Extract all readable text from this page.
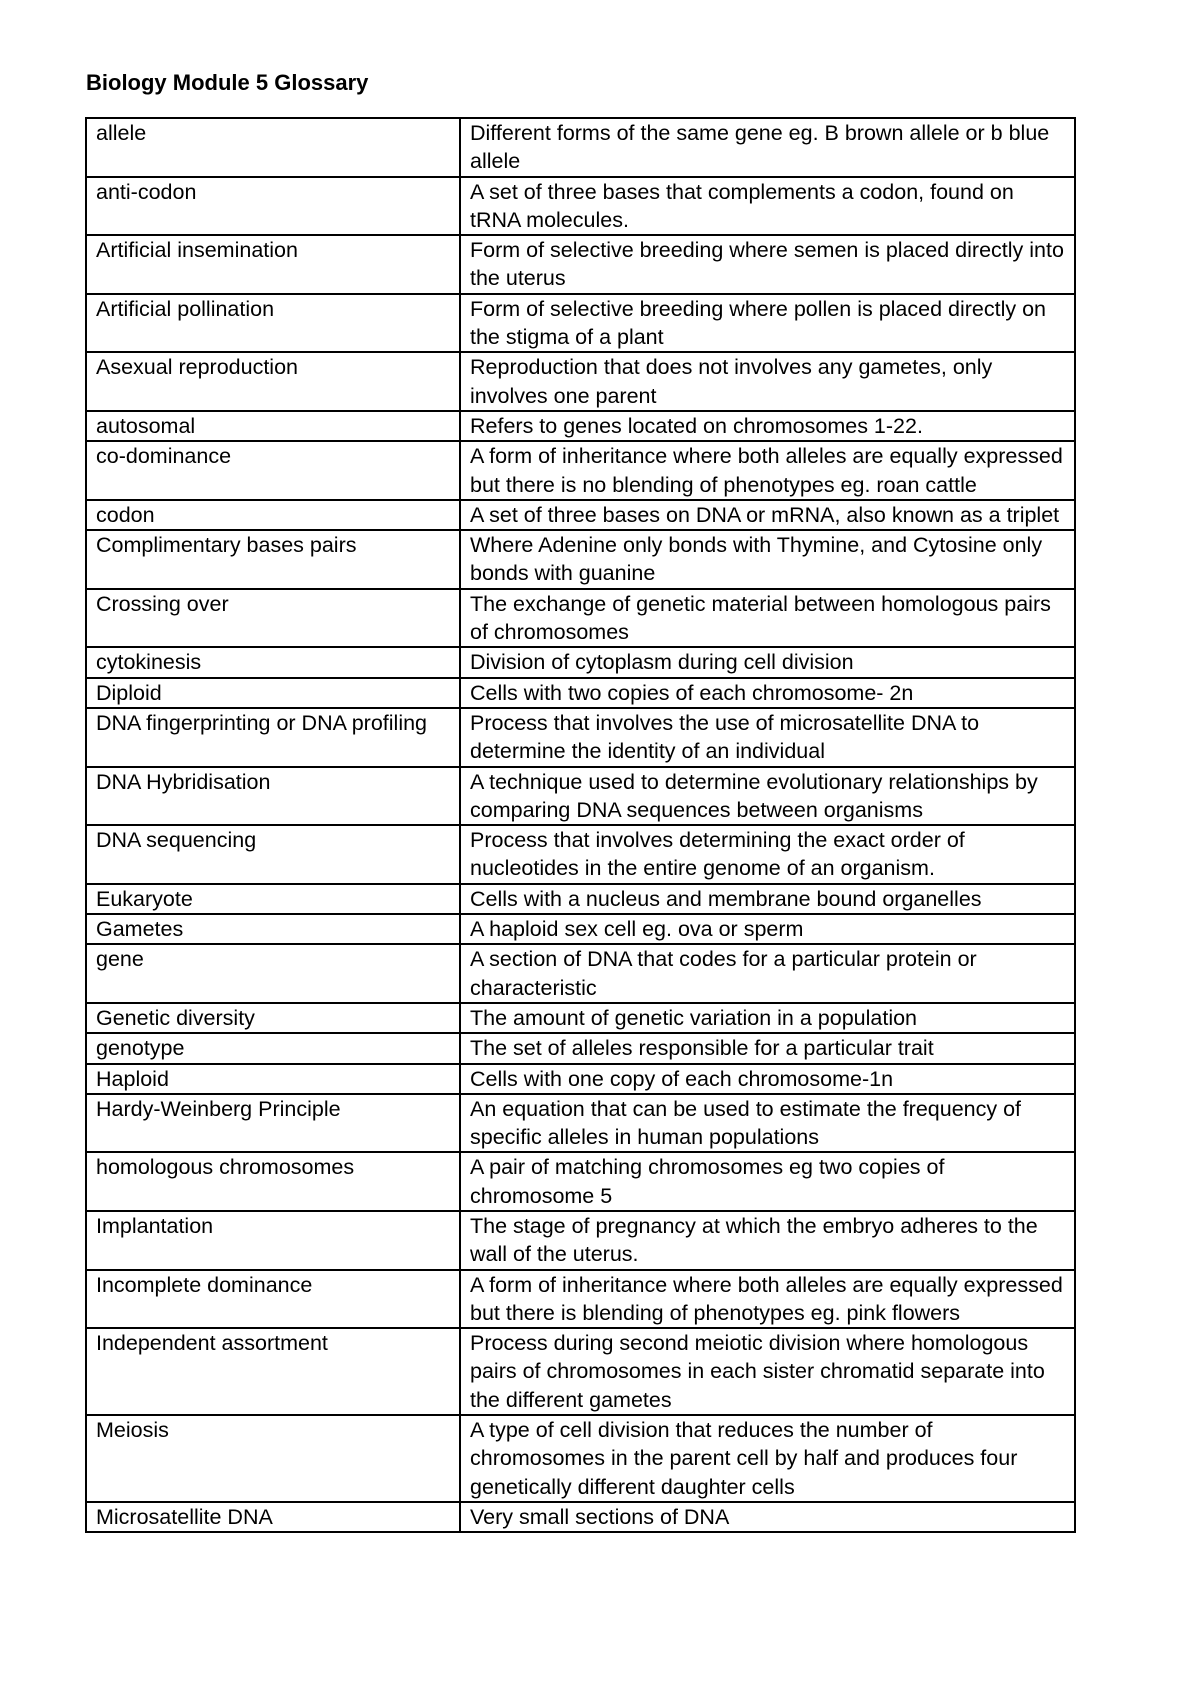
Biology Module 5 Glossary
allele	Different forms of the same gene eg. B brown allele or b blue allele
anti-codon	A set of three bases that complements a codon, found on tRNA molecules.
Artificial insemination	Form of selective breeding where semen is placed directly into the uterus
Artificial pollination	Form of selective breeding where pollen is placed directly on the stigma of a plant
Asexual reproduction	Reproduction that does not involves any gametes, only involves one parent
autosomal	Refers to genes located on chromosomes 1-22.
co-dominance	A form of inheritance where both alleles are equally expressed but there is no blending of phenotypes eg. roan cattle
codon	A set of three bases on DNA or mRNA, also known as a triplet
Complimentary bases pairs	Where Adenine only bonds with Thymine, and Cytosine only bonds with guanine
Crossing over	The exchange of genetic material between homologous pairs of chromosomes
cytokinesis	Division of cytoplasm during cell division
Diploid	Cells with two copies of each chromosome- 2n
DNA fingerprinting or DNA profiling	Process that involves the use of microsatellite DNA to determine the identity of an individual
DNA Hybridisation	A technique used to determine evolutionary relationships by comparing DNA sequences between organisms
DNA sequencing	Process that involves determining the exact order of nucleotides in the entire genome of an organism.
Eukaryote	Cells with a nucleus and membrane bound organelles
Gametes	A haploid sex cell eg. ova or sperm
gene	A section of DNA that codes for a particular protein or characteristic
Genetic diversity	The amount of genetic variation in a population
genotype	The set of alleles responsible for a particular trait
Haploid	Cells with one copy of each chromosome-1n
Hardy-Weinberg Principle	An equation that can be used to estimate the frequency of specific alleles in human populations
homologous chromosomes	A pair of matching chromosomes eg two copies of chromosome 5
Implantation	The stage of pregnancy at which the embryo adheres to the wall of the uterus.
Incomplete dominance	A form of inheritance where both alleles are equally expressed but there is blending of phenotypes eg. pink flowers
Independent assortment	Process during second meiotic division where homologous pairs of chromosomes in each sister chromatid separate into the different gametes
Meiosis	A type of cell division that reduces the number of chromosomes in the parent cell by half and produces four genetically different daughter cells
Microsatellite DNA	Very small sections of DNA
